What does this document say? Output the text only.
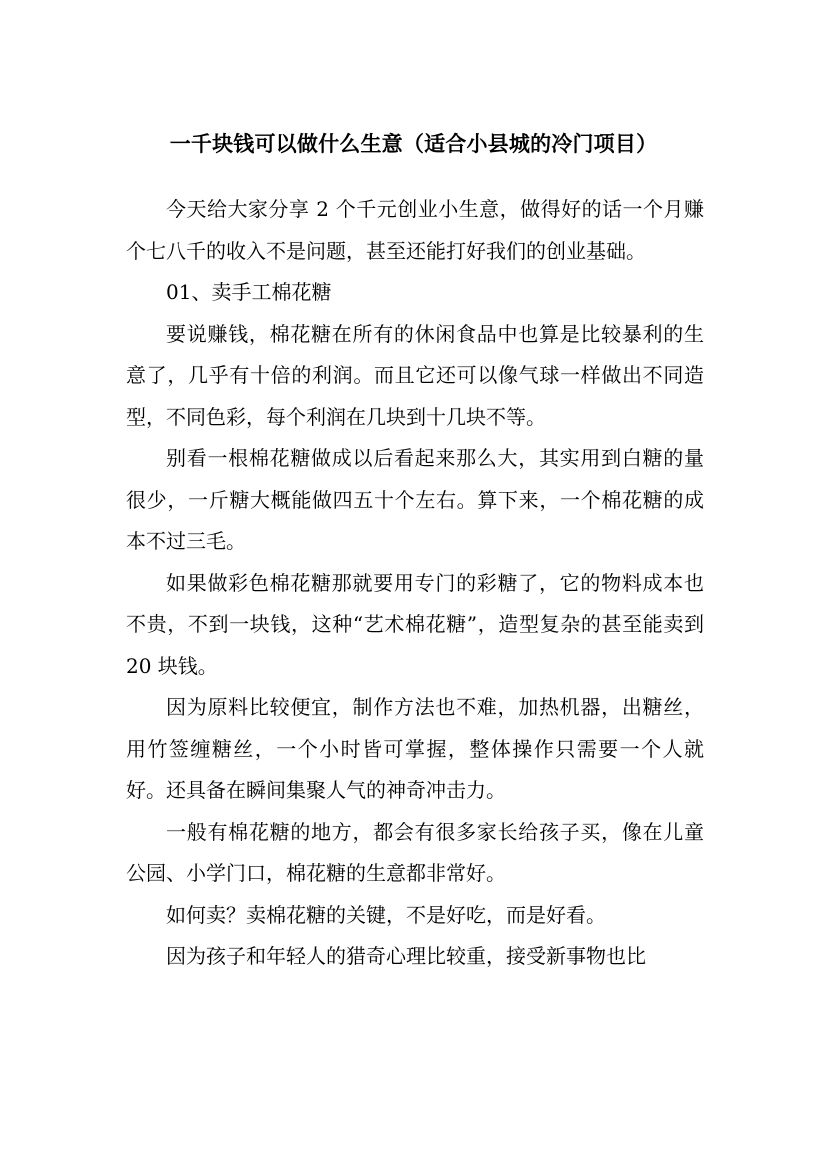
一千块钱可以做什么生意（适合小县城的冷门项目）

今天给大家分享 2 个千元创业小生意，做得好的话一个月赚个七八千的收入不是问题，甚至还能打好我们的创业基础。

01、卖手工棉花糖

要说赚钱，棉花糖在所有的休闲食品中也算是比较暴利的生意了，几乎有十倍的利润。而且它还可以像气球一样做出不同造型，不同色彩，每个利润在几块到十几块不等。

别看一根棉花糖做成以后看起来那么大，其实用到白糖的量很少，一斤糖大概能做四五十个左右。算下来，一个棉花糖的成本不过三毛。

如果做彩色棉花糖那就要用专门的彩糖了，它的物料成本也不贵，不到一块钱，这种“艺术棉花糖”，造型复杂的甚至能卖到 20 块钱。

因为原料比较便宜，制作方法也不难，加热机器，出糖丝，用竹签缠糖丝，一个小时皆可掌握，整体操作只需要一个人就好。还具备在瞬间集聚人气的神奇冲击力。

一般有棉花糖的地方，都会有很多家长给孩子买，像在儿童公园、小学门口，棉花糖的生意都非常好。

如何卖？卖棉花糖的关键，不是好吃，而是好看。

因为孩子和年轻人的猎奇心理比较重，接受新事物也比
